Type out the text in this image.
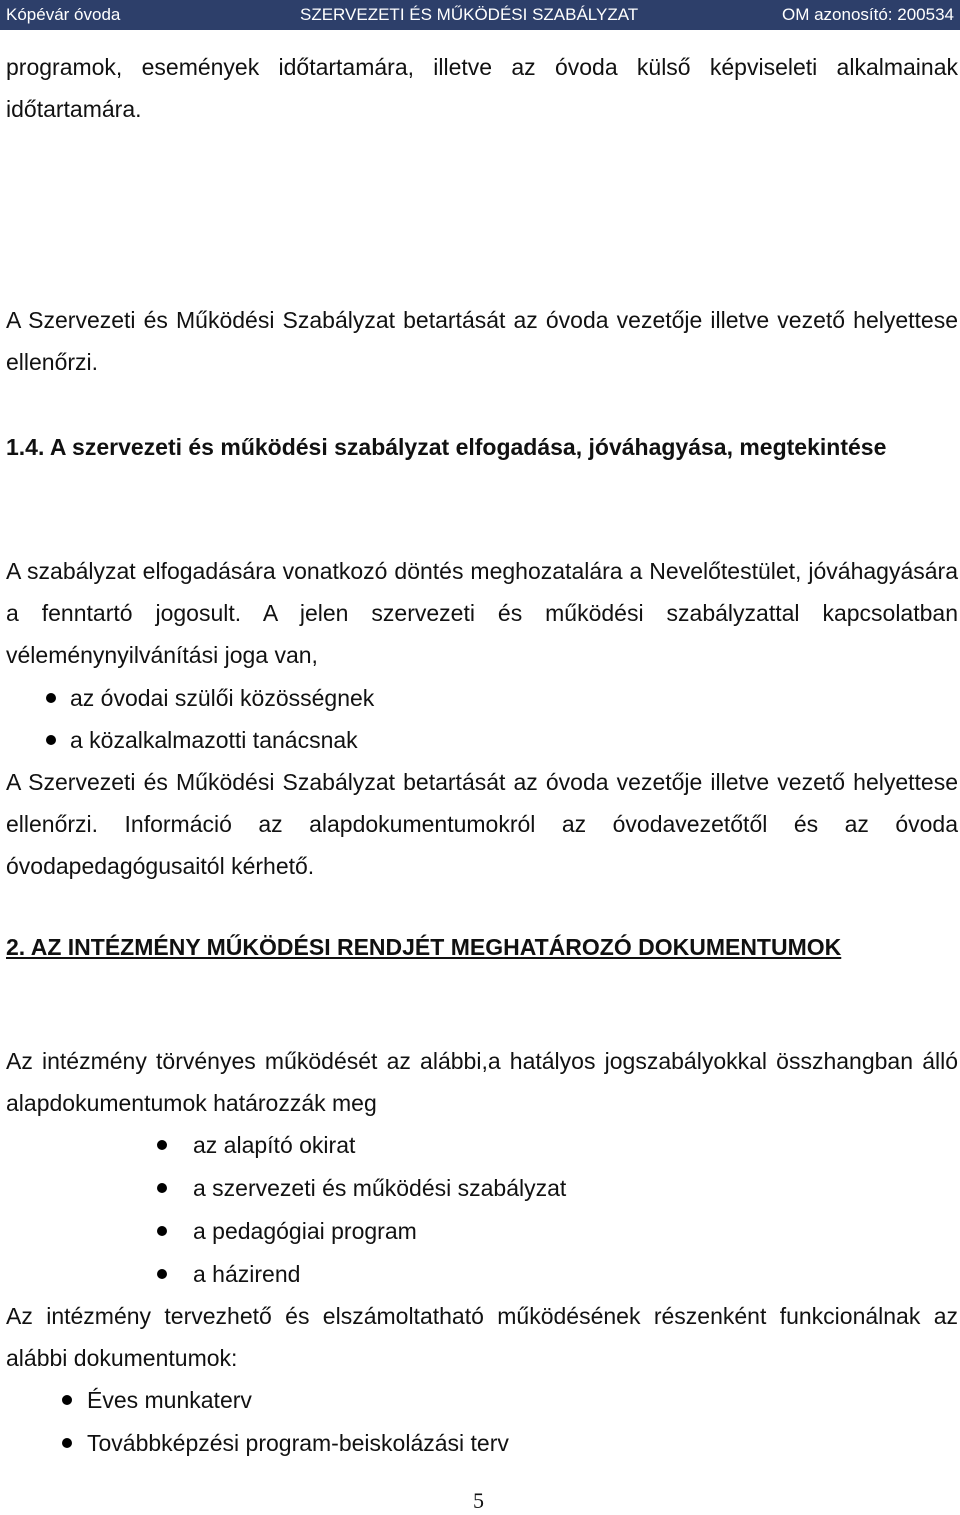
Kópévár óvoda	SZERVEZETI ÉS MŰKÖDÉSI SZABÁLYZAT	OM azonosító: 200534
programok, események időtartamára, illetve az óvoda külső képviseleti alkalmainak időtartamára.
A Szervezeti és Működési Szabályzat betartását az óvoda vezetője illetve vezető helyettese ellenőrzi.
1.4. A szervezeti és működési szabályzat elfogadása, jóváhagyása, megtekintése
A szabályzat elfogadására vonatkozó döntés meghozatalára a Nevelőtestület, jóváhagyására a fenntartó jogosult. A jelen szervezeti és működési szabályzattal kapcsolatban véleménynyilvánítási joga van,
az óvodai szülői közösségnek
a közalkalmazotti tanácsnak
A Szervezeti és Működési Szabályzat betartását az óvoda vezetője illetve vezető helyettese ellenőrzi. Információ az alapdokumentumokról az óvodavezetőtől és az óvoda óvodapedagógusaitól kérhető.
2. AZ INTÉZMÉNY MŰKÖDÉSI RENDJÉT MEGHATÁROZÓ DOKUMENTUMOK
Az intézmény törvényes működését az alábbi,a hatályos jogszabályokkal összhangban álló alapdokumentumok határozzák meg
az alapító okirat
a szervezeti és működési szabályzat
a pedagógiai program
a házirend
Az intézmény tervezhető és elszámoltatható működésének részenként funkcionálnak az alábbi dokumentumok:
Éves munkaterv
Továbbképzési program-beiskolázási terv
5
